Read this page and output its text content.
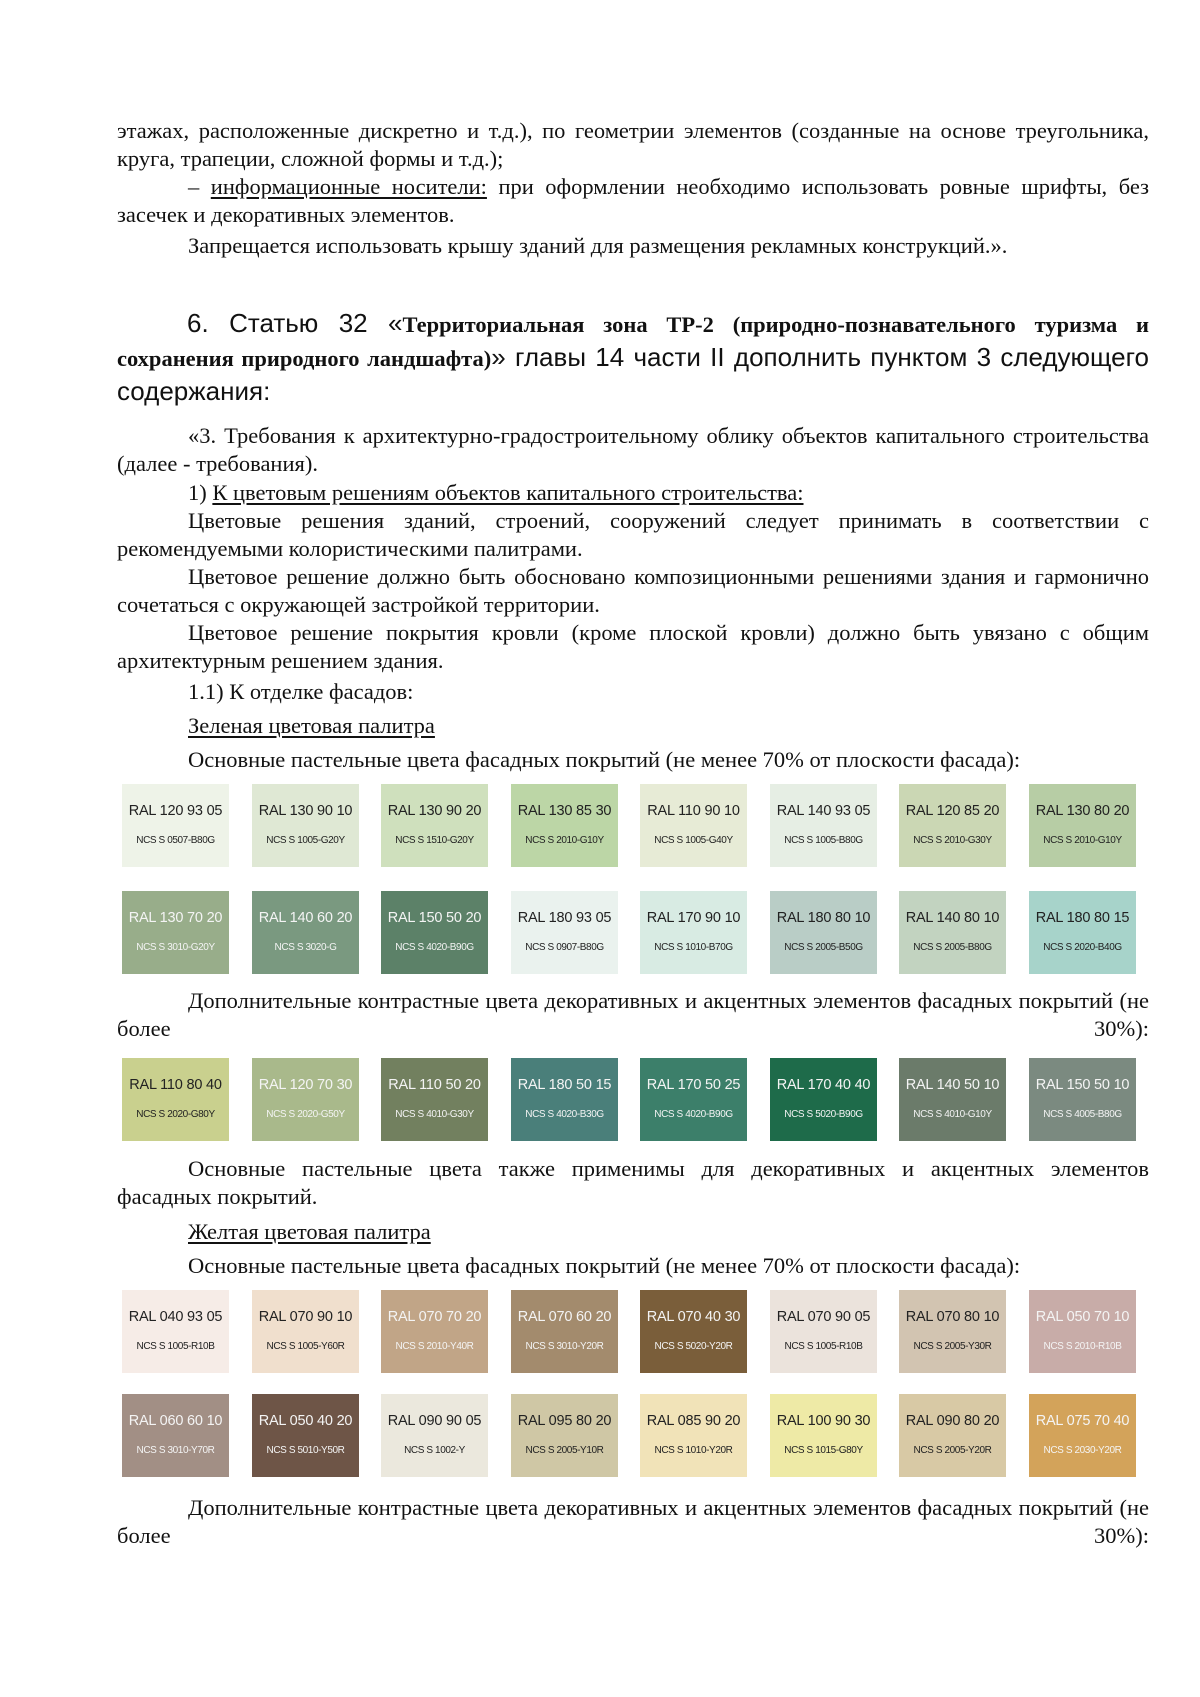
этажах, расположенные дискретно и т.д.), по геометрии элементов (созданные на основе треугольника, круга, трапеции, сложной формы и т.д.);

– информационные носители: при оформлении необходимо использовать ровные шрифты, без засечек и декоративных элементов.

Запрещается использовать крышу зданий для размещения рекламных конструкций.».

6. Статью 32 «Территориальная зона ТР-2 (природно-познавательного туризма и сохранения природного ландшафта)» главы 14 части II дополнить пунктом 3 следующего содержания:

«3. Требования к архитектурно-градостроительному облику объектов капитального строительства (далее - требования).

1) К цветовым решениям объектов капитального строительства:

Цветовые решения зданий, строений, сооружений следует принимать в соответствии с рекомендуемыми колористическими палитрами.

Цветовое решение должно быть обосновано композиционными решениями здания и гармонично сочетаться с окружающей застройкой территории.

Цветовое решение покрытия кровли (кроме плоской кровли) должно быть увязано с общим архитектурным решением здания.

1.1) К отделке фасадов:

Зеленая цветовая палитра

Основные пастельные цвета фасадных покрытий (не менее 70% от плоскости фасада):

RAL 120 93 05
NCS S 0507-B80G
RAL 130 90 10
NCS S 1005-G20Y
RAL 130 90 20
NCS S 1510-G20Y
RAL 130 85 30
NCS S 2010-G10Y
RAL 110 90 10
NCS S 1005-G40Y
RAL 140 93 05
NCS S 1005-B80G
RAL 120 85 20
NCS S 2010-G30Y
RAL 130 80 20
NCS S 2010-G10Y
RAL 130 70 20
NCS S 3010-G20Y
RAL 140 60 20
NCS S 3020-G
RAL 150 50 20
NCS S 4020-B90G
RAL 180 93 05
NCS S 0907-B80G
RAL 170 90 10
NCS S 1010-B70G
RAL 180 80 10
NCS S 2005-B50G
RAL 140 80 10
NCS S 2005-B80G
RAL 180 80 15
NCS S 2020-B40G

Дополнительные контрастные цвета декоративных и акцентных элементов фасадных покрытий (не более 30%):

RAL 110 80 40
NCS S 2020-G80Y
RAL 120 70 30
NCS S 2020-G50Y
RAL 110 50 20
NCS S 4010-G30Y
RAL 180 50 15
NCS S 4020-B30G
RAL 170 50 25
NCS S 4020-B90G
RAL 170 40 40
NCS S 5020-B90G
RAL 140 50 10
NCS S 4010-G10Y
RAL 150 50 10
NCS S 4005-B80G

Основные пастельные цвета также применимы для декоративных и акцентных элементов фасадных покрытий.

Желтая цветовая палитра

Основные пастельные цвета фасадных покрытий (не менее 70% от плоскости фасада):

RAL 040 93 05
NCS S 1005-R10B
RAL 070 90 10
NCS S 1005-Y60R
RAL 070 70 20
NCS S 2010-Y40R
RAL 070 60 20
NCS S 3010-Y20R
RAL 070 40 30
NCS S 5020-Y20R
RAL 070 90 05
NCS S 1005-R10B
RAL 070 80 10
NCS S 2005-Y30R
RAL 050 70 10
NCS S 2010-R10B
RAL 060 60 10
NCS S 3010-Y70R
RAL 050 40 20
NCS S 5010-Y50R
RAL 090 90 05
NCS S 1002-Y
RAL 095 80 20
NCS S 2005-Y10R
RAL 085 90 20
NCS S 1010-Y20R
RAL 100 90 30
NCS S 1015-G80Y
RAL 090 80 20
NCS S 2005-Y20R
RAL 075 70 40
NCS S 2030-Y20R

Дополнительные контрастные цвета декоративных и акцентных элементов фасадных покрытий (не более 30%):
